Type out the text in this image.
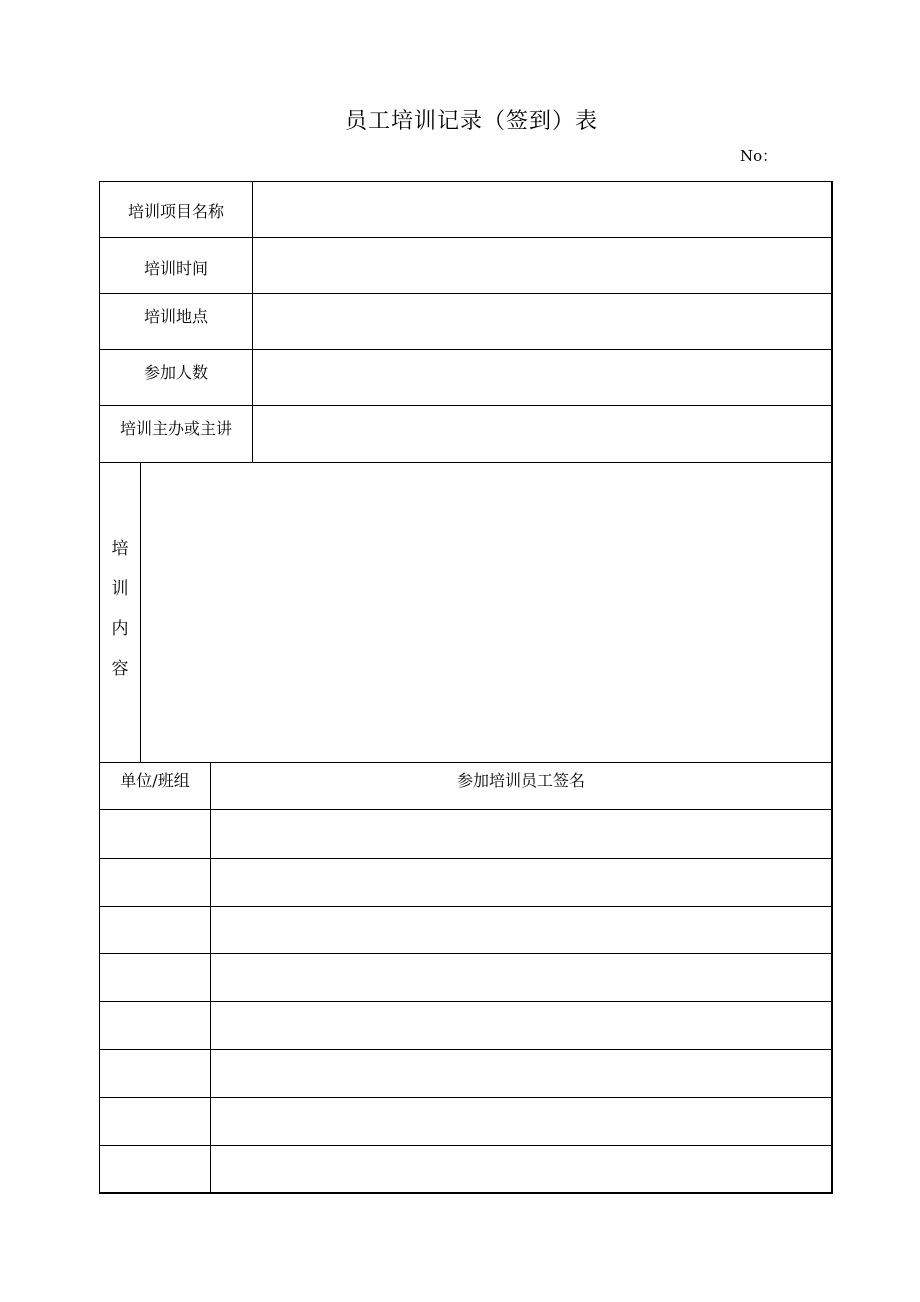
员工培训记录（签到）表
No：
培训项目名称
培训时间
培训地点
参加人数
培训主办或主讲
培
训
内
容
单位/班组	参加培训员工签名
